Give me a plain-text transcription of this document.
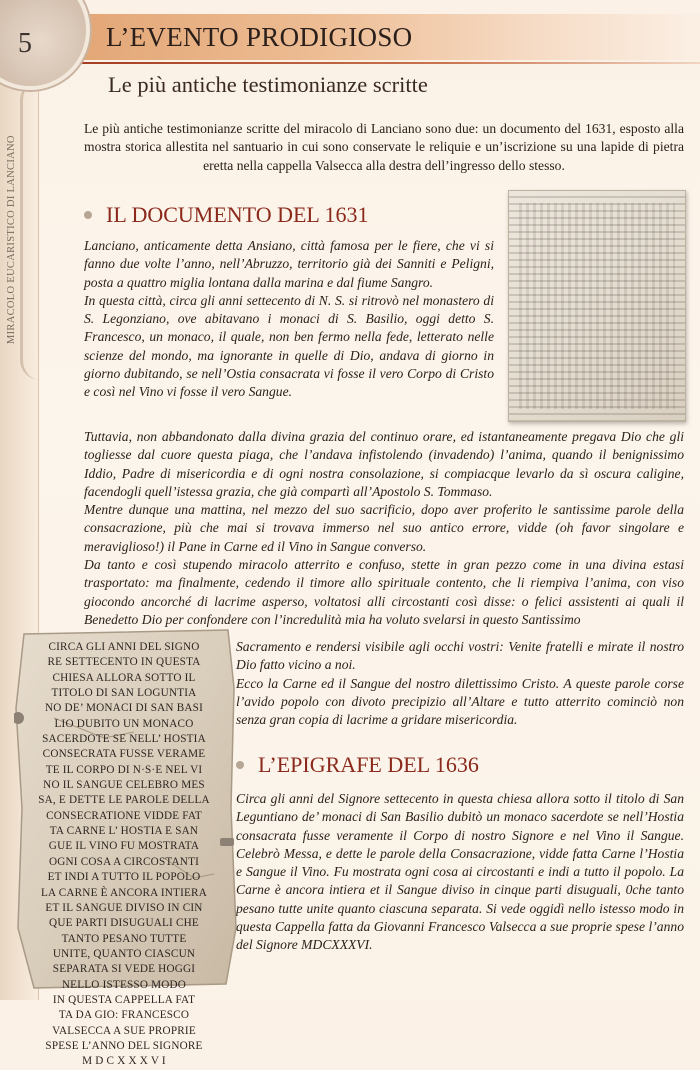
MIRACOLO EUCARISTICO DI LANCIANO
5	L’EVENTO PRODIGIOSO
Le più antiche testimonianze scritte

Le più antiche testimonianze scritte del miracolo di Lanciano sono due: un documento del 1631, esposto alla mostra storica allestita nel santuario in cui sono conservate le reliquie e un’iscrizione su una lapide di pietra eretta nella cappella Valsecca alla destra dell’ingresso dello stesso.

IL DOCUMENTO DEL 1631

Lanciano, anticamente detta Ansiano, città famosa per le fiere, che vi si fanno due volte l’anno, nell’Abruzzo, territorio già dei Sanniti e Peligni, posta a quattro miglia lontana dalla marina e dal fiume Sangro.

In questa città, circa gli anni settecento di N. S. si ritrovò nel monastero di S. Legonziano, ove abitavano i monaci di S. Basilio, oggi detto S. Francesco, un monaco, il quale, non ben fermo nella fede, letterato nelle scienze del mondo, ma ignorante in quelle di Dio, andava di giorno in giorno dubitando, se nell’Ostia consacrata vi fosse il vero Corpo di Cristo e così nel Vino vi fosse il vero Sangue.

Tuttavia, non abbandonato dalla divina grazia del continuo orare, ed istantaneamente pregava Dio che gli togliesse dal cuore questa piaga, che l’andava infistolendo (invadendo) l’anima, quando il benignissimo Iddio, Padre di misericordia e di ogni nostra consolazione, si compiacque levarlo da sì oscura caligine, facendogli quell’istessa grazia, che già compartì all’Apostolo S. Tommaso.

Mentre dunque una mattina, nel mezzo del suo sacrificio, dopo aver proferito le santissime parole della consacrazione, più che mai si trovava immerso nel suo antico errore, vidde (oh favor singolare e meraviglioso!) il Pane in Carne ed il Vino in Sangue converso.

Da tanto e così stupendo miracolo atterrito e confuso, stette in gran pezzo come in una divina estasi trasportato: ma finalmente, cedendo il timore allo spirituale contento, che li riempiva l’anima, con viso giocondo ancorché di lacrime asperso, voltatosi alli circostanti così disse: o felici assistenti ai quali il Benedetto Dio per confondere con l’incredulità mia ha voluto svelarsi in questo Santissimo

Sacramento e rendersi visibile agli occhi vostri: Venite fratelli e mirate il nostro Dio fatto vicino a noi.

Ecco la Carne ed il Sangue del nostro dilettissimo Cristo. A queste parole corse l’avido popolo con divoto precipizio all’Altare e tutto atterrito cominciò non senza gran copia di lacrime a gridare misericordia.

L’EPIGRAFE DEL 1636

Circa gli anni del Signore settecento in questa chiesa allora sotto il titolo di San Leguntiano de’ monaci di San Basilio dubitò un monaco sacerdote se nell’Hostia consacrata fusse veramente il Corpo di nostro Signore e nel Vino il Sangue. Celebrò Messa, e dette le parole della Consacrazione, vidde fatta Carne l’Hostia e Sangue il Vino. Fu mostrata ogni cosa ai circostanti e indi a tutto il popolo. La Carne è ancora intiera et il Sangue diviso in cinque parti disuguali, 0che tanto pesano tutte unite quanto ciascuna separata. Si vede oggidì nello istesso modo in questa Cappella fatta da Giovanni Francesco Valsecca a sue proprie spese l’anno del Signore MDCXXXVI.

CIRCA GLI ANNI DEL SIGNO
RE SETTECENTO IN QUESTA
CHIESA ALLORA SOTTO IL
TITOLO DI SAN LOGUNTIA
NO DE’ MONACI DI SAN BASI
LIO DUBITO UN MONACO
SACERDOTE SE NELL’ HOSTIA
CONSECRATA FUSSE VERAME
TE IL CORPO DI N·S·E NEL VI
NO IL SANGUE CELEBRO MES
SA, E DETTE LE PAROLE DELLA
CONSECRATIONE VIDDE FAT
TA CARNE L’ HOSTIA E SAN
GUE IL VINO FU MOSTRATA
OGNI COSA A CIRCOSTANTI
ET INDI A TUTTO IL POPOLO
LA CARNE È ANCORA INTIERA
ET IL SANGUE DIVISO IN CIN
QUE PARTI DISUGUALI CHE
TANTO PESANO TUTTE
UNITE, QUANTO CIASCUN
SEPARATA SI VEDE HOGGI
NELLO ISTESSO MODO
IN QUESTA CAPPELLA FAT
TA DA GIO: FRANCESCO
VALSECCA A SUE PROPRIE
SPESE L’ANNO DEL SIGNORE
M D C X X X V I
